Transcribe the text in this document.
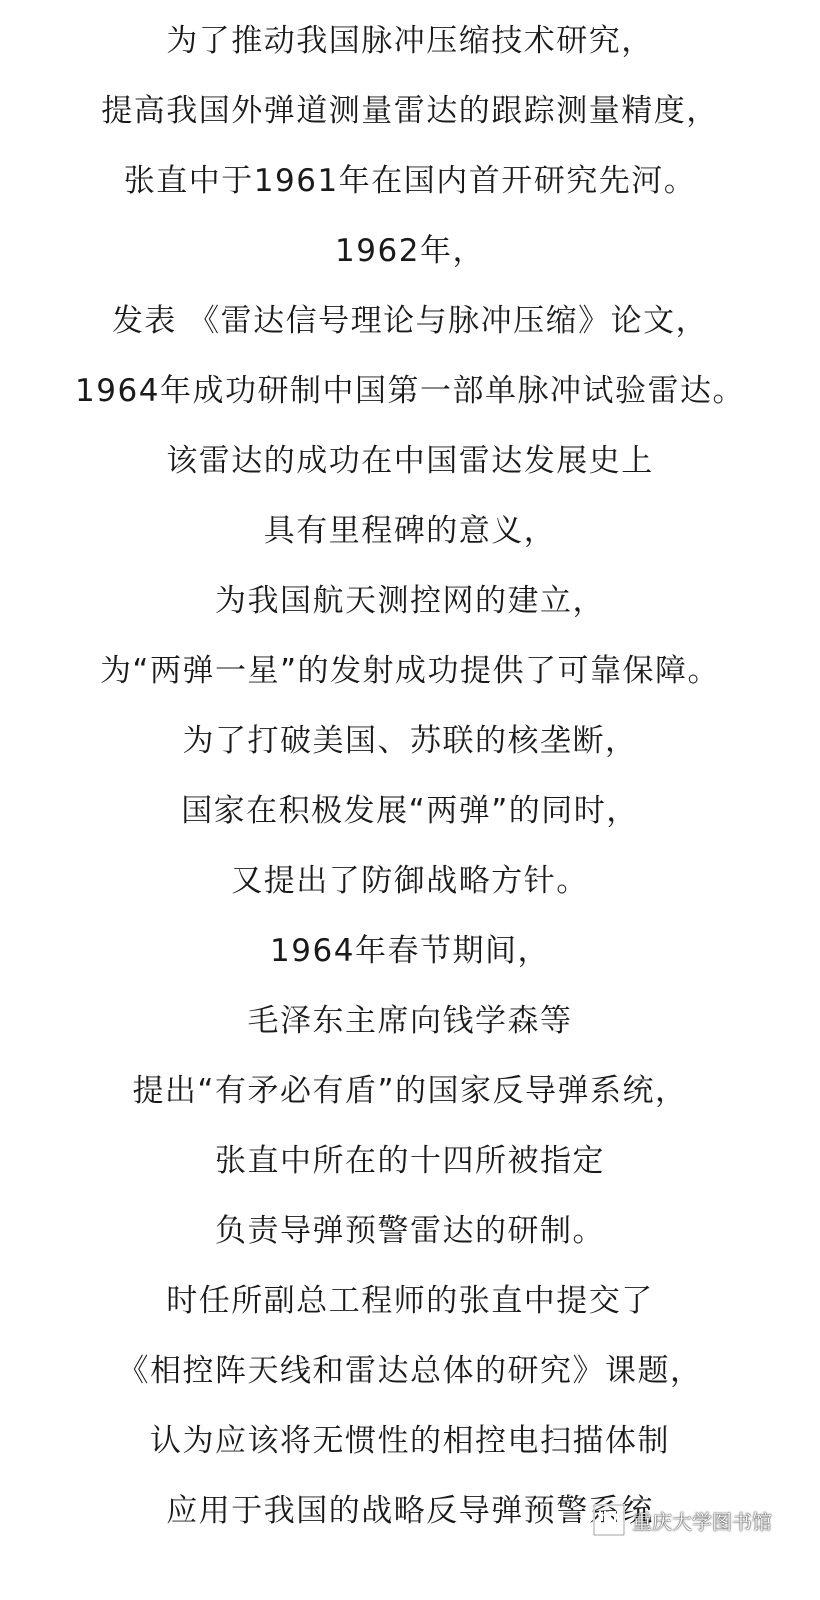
为了推动我国脉冲压缩技术研究，
提高我国外弹道测量雷达的跟踪测量精度，
张直中于1961年在国内首开研究先河。
1962年，
发表 《雷达信号理论与脉冲压缩》论文，
1964年成功研制中国第一部单脉冲试验雷达。
该雷达的成功在中国雷达发展史上
具有里程碑的意义，
为我国航天测控网的建立，
为“两弹一星”的发射成功提供了可靠保障。
为了打破美国、苏联的核垄断，
国家在积极发展“两弹”的同时，
又提出了防御战略方针。
1964年春节期间，
毛泽东主席向钱学森等
提出“有矛必有盾”的国家反导弹系统，
张直中所在的十四所被指定
负责导弹预警雷达的研制。
时任所副总工程师的张直中提交了
《相控阵天线和雷达总体的研究》课题，
认为应该将无惯性的相控电扫描体制
应用于我国的战略反导弹预警系统
重庆大学图书馆
